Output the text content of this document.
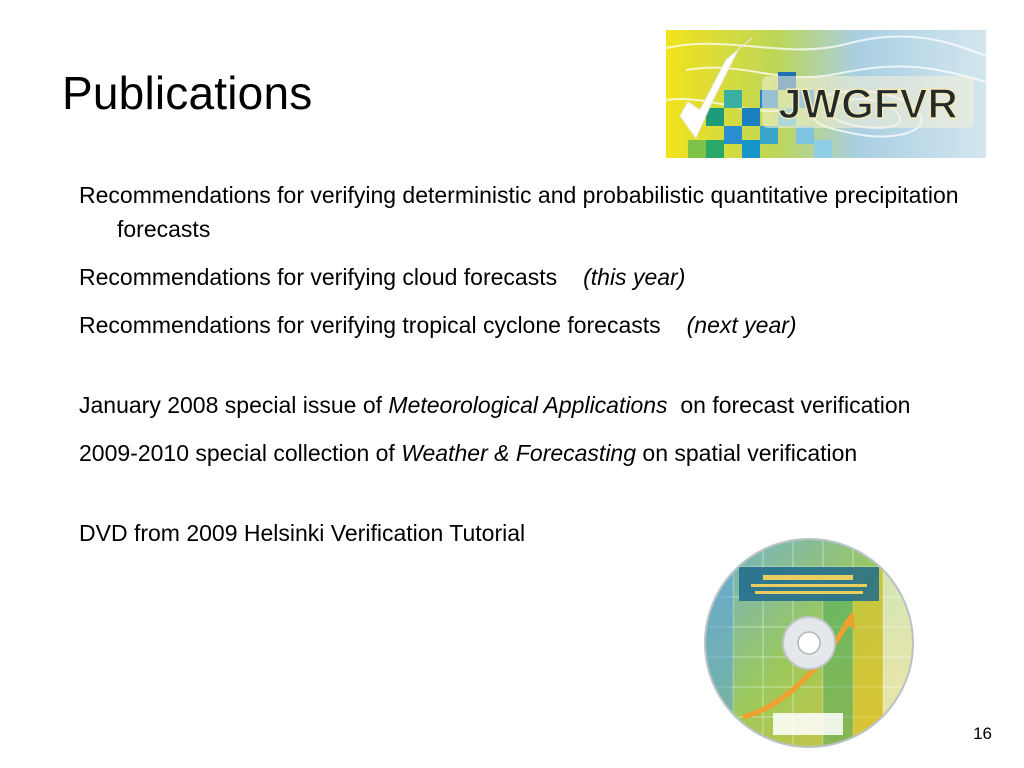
Publications	JWGFVR
Recommendations for verifying deterministic and probabilistic quantitative precipitation forecasts
Recommendations for verifying cloud forecasts (this year)
Recommendations for verifying tropical cyclone forecasts (next year)
January 2008 special issue of Meteorological Applications  on forecast verification
2009-2010 special collection of Weather & Forecasting on spatial verification
DVD from 2009 Helsinki Verification Tutorial
16
